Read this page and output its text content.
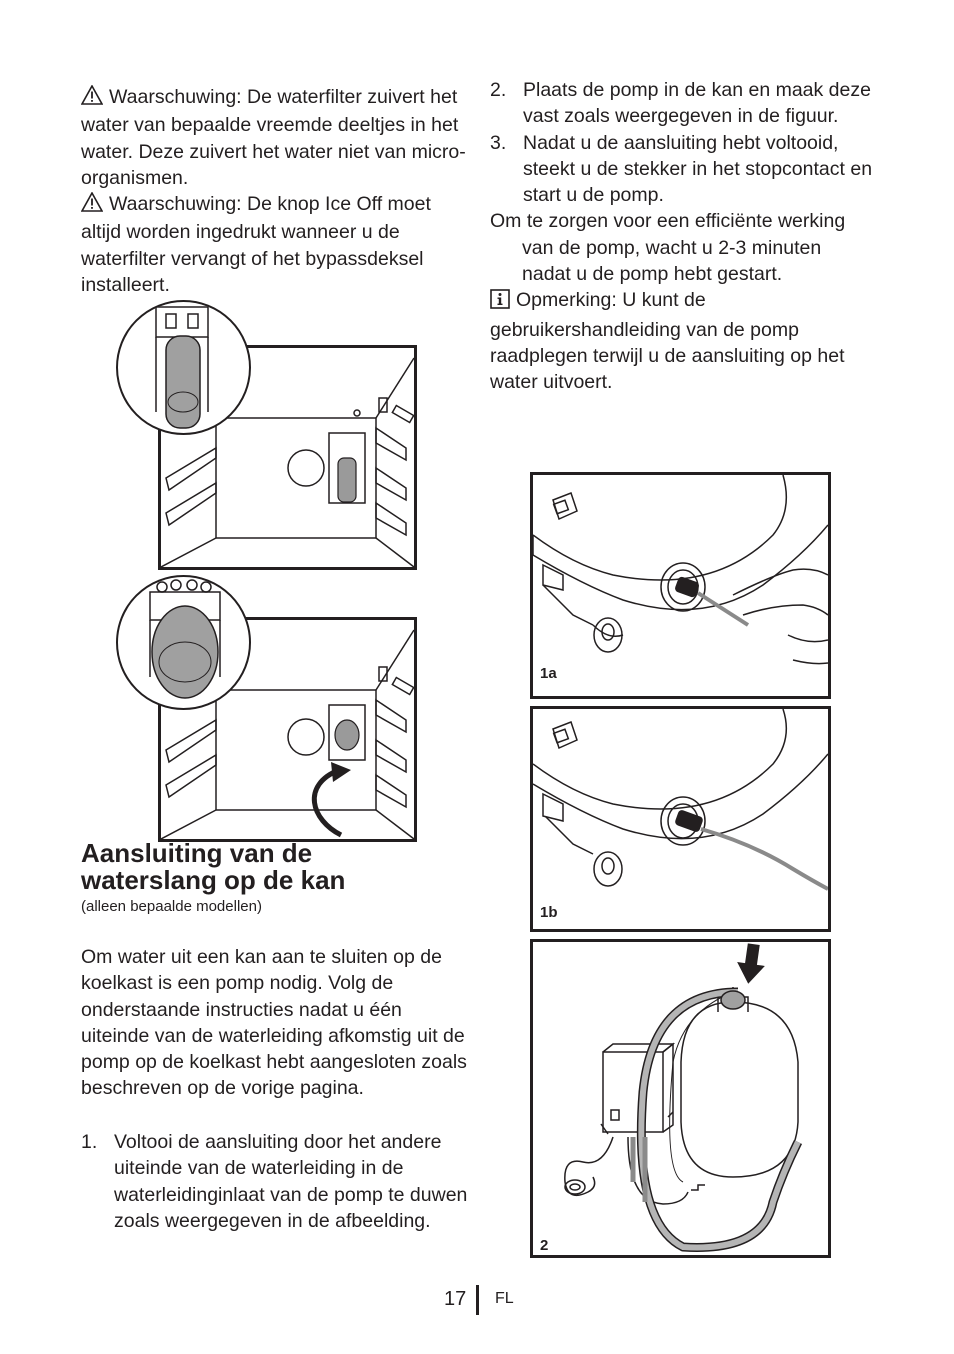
Waarschuwing: De waterfilter zuivert het water van bepaalde vreemde deeltjes in het water. Deze zuivert het water niet van micro-organismen.

Waarschuwing: De knop Ice Off moet altijd worden ingedrukt wanneer u de waterfilter vervangt of het bypassdeksel installeert.

Aansluiting van de waterslang op de kan
(alleen bepaalde modellen)

Om water uit een kan aan te sluiten op de koelkast is een pomp nodig. Volg de onderstaande instructies nadat u één uiteinde van de waterleiding afkomstig uit de pomp op de koelkast hebt aangesloten zoals beschreven op de vorige pagina.

1. Voltooi de aansluiting door het andere uiteinde van de waterleiding in de waterleidinginlaat van de pomp te duwen zoals weergegeven in de afbeelding.
2. Plaats de pomp in de kan en maak deze vast zoals weergegeven in de figuur.
3. Nadat u de aansluiting hebt voltooid, steekt u de stekker in het stopcontact en start u de pomp.

Om te zorgen voor een efficiënte werking van de pomp, wacht u 2-3 minuten nadat u de pomp hebt gestart.

Opmerking: U kunt de gebruikershandleiding van de pomp raadplegen terwijl u de aansluiting op het water uitvoert.

1a
1b
2
17 FL
